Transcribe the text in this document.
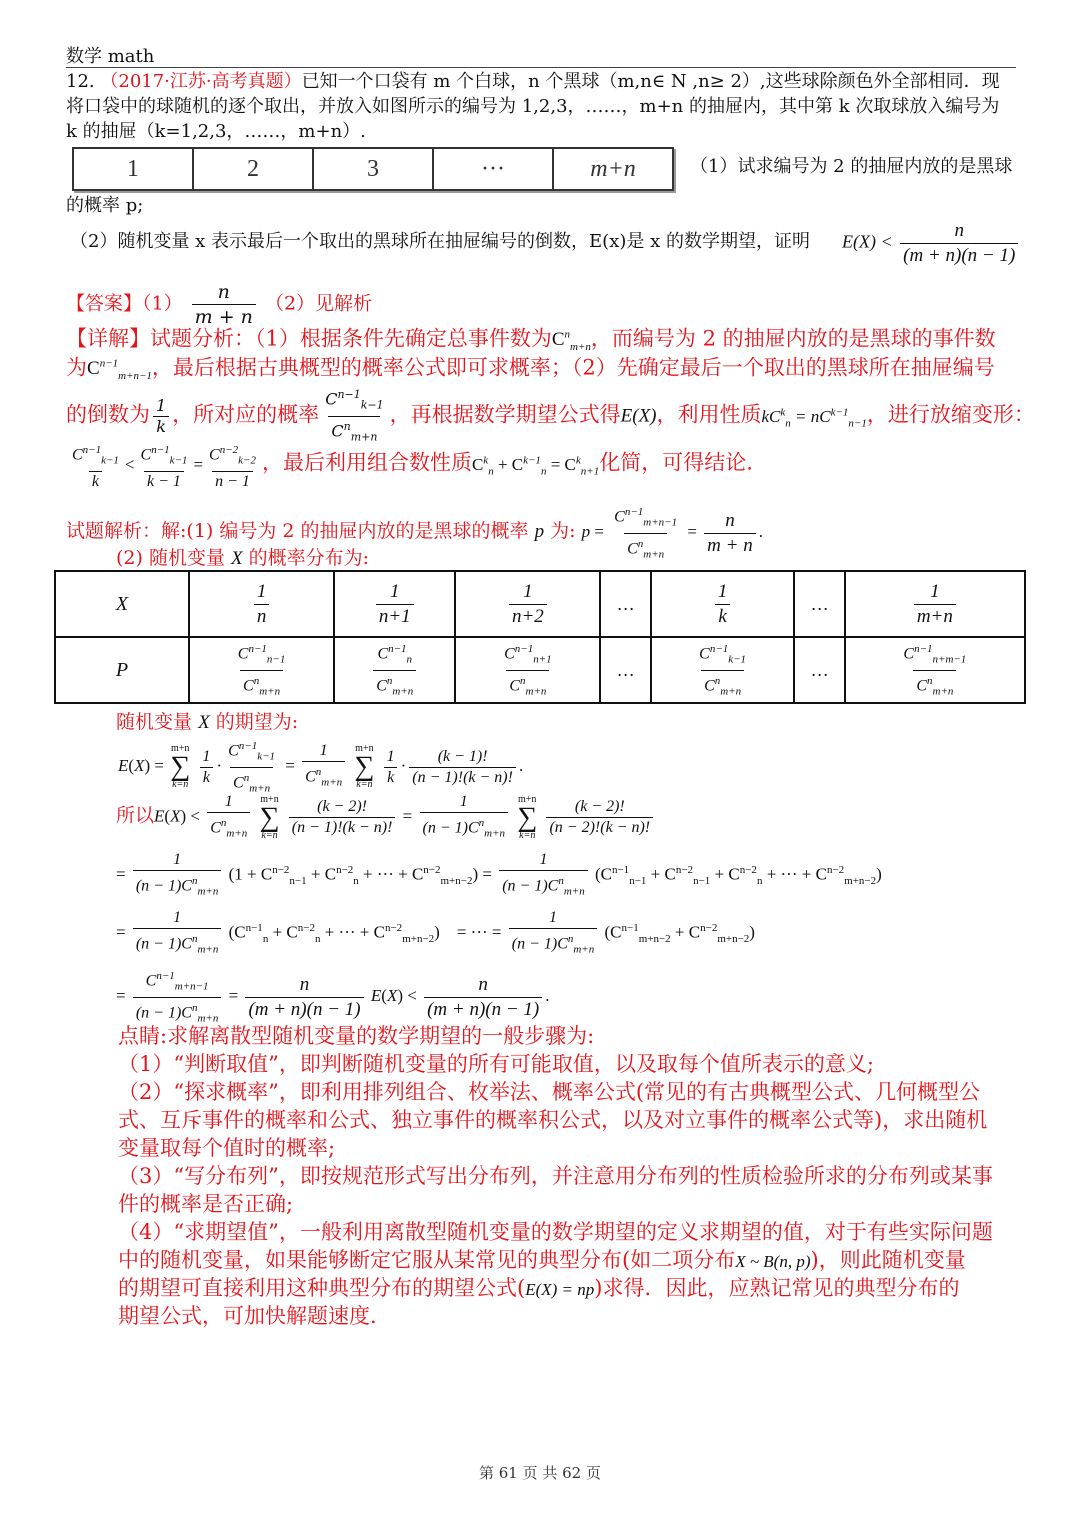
数学 math
12. （2017·江苏·高考真题）已知一个口袋有 m 个白球，n 个黑球（m,n∈ N ,n≥ 2）,这些球除颜色外全部相同．现
将口袋中的球随机的逐个取出，并放入如图所示的编号为 1,2,3，……，m+n 的抽屉内，其中第 k 次取球放入编号为
k 的抽屉（k=1,2,3，……，m+n）.
1	2	3	···	m+n	（1）试求编号为 2 的抽屉内放的是黑球
的概率 p;
（2）随机变量 x 表示最后一个取出的黑球所在抽屉编号的倒数，E(x)是 x 的数学期望，证明 $E(X) < \frac{n}{(m + n)(n - 1)}$
【答案】$(1) \frac{n}{m + n} (2)$见解析
【详解】试题分析：（1）根据条件先确定总事件数为$C^n_{m+n}$，而编号为 2 的抽屉内放的是黑球的事件数
为$C^{n-1}_{m+n-1}$，最后根据古典概型的概率公式即可求概率；（2）先确定最后一个取出的黑球所在抽屉编号
的倒数为 $\frac{1}{k}$ ，所对应的概率 $\frac{C^{n-1}_{k-1}}{C^n_{m+n}}$ ，再根据数学期望公式得E(X)，利用性质$kC^k_n = nC^{k-1}_{n-1}$，进行放缩变形：
$\frac{C^{n-1}_{k-1}}{k} < \frac{C^{n-1}_{k-1}}{k - 1} = \frac{C^{n-2}_{k-2}}{n - 1}$ ，最后利用组合数性质$C^k_n + C^{k-1}_n = C^k_{n+1}$化简，可得结论.
试题解析：解:(1) 编号为 2 的抽屉内放的是黑球的概率 p 为: $p = \frac{C^{n-1}_{m+n-1}}{C^n_{m+n}} = \frac{n}{m + n}$ .
(2) 随机变量 X 的概率分布为:
X	$\frac{1}{n}$	$\frac{1}{n+1}$	$\frac{1}{n+2}$	…	$\frac{1}{k}$	…	$\frac{1}{m+n}$

P	$\frac{C^{n-1}_{n-1}}{C^n_{m+n}}$	$\frac{C^{n-1}_n}{C^n_{m+n}}$	$\frac{C^{n-1}_{n+1}}{C^n_{m+n}}$	…	$\frac{C^{n-1}_{k-1}}{C^n_{m+n}}$	…	$\frac{C^{n-1}_{n+m-1}}{C^n_{m+n}}$
随机变量 X 的期望为:
E(X) =
m+n
∑
k=n
$\frac{1}{k} \cdot \frac{C^{n-1}_{k-1}}{C^n_{m+n}} = \frac{1}{C^n_{m+n}}$
m+n
∑
k=n
$\frac{1}{k} \cdot \frac{(k - 1)!}{(n - 1)!(k - n)!}$ .
所以$E(X) < \frac{1}{C^n_{m+n}}$
m+n
∑
k=n
$\frac{(k - 2)!}{(n - 1)!(k - n)!} = \frac{1}{(n - 1)C^n_{m+n}}$
m+n
∑
k=n
$\frac{(k - 2)!}{(n - 2)!(k - n)!}$
= $\frac{1}{(n - 1)C^n_{m+n}} (1 + C^{n-2}_{n-1} + C^{n-2}_n$ + ··· + $C^{n-2}_{m+n-2}) = \frac{1}{(n - 1)C^n_{m+n}} (C^{n-1}_{n-1} + C^{n-2}_{n-1} + C^{n-2}_n$ + ··· + $C^{n-2}_{m+n-2}$)
= $\frac{1}{(n - 1)C^n_{m+n}} (C^{n-1}_n + C^{n-2}_n$ + ··· + $C^{n-2}_{m+n-2}$)    = ··· = $\frac{1}{(n - 1)C^n_{m+n}} (C^{n-1}_{m+n-2} + C^{n-2}_{m+n-2})$
= $\frac{C^{n-1}_{m+n-1}}{(n - 1)C^n_{m+n}} = \frac{n}{(m + n)(n - 1)} E(X) < \frac{n}{(m + n)(n - 1)}$ .
点睛:求解离散型随机变量的数学期望的一般步骤为:
（1）“判断取值”，即判断随机变量的所有可能取值，以及取每个值所表示的意义;
（2）“探求概率”，即利用排列组合、枚举法、概率公式(常见的有古典概型公式、几何概型公
式、互斥事件的概率和公式、独立事件的概率积公式，以及对立事件的概率公式等)，求出随机
变量取每个值时的概率;
（3）“写分布列”，即按规范形式写出分布列，并注意用分布列的性质检验所求的分布列或某事
件的概率是否正确;
（4）“求期望值”，一般利用离散型随机变量的数学期望的定义求期望的值，对于有些实际问题
中的随机变量，如果能够断定它服从某常见的典型分布(如二项分布X ~ B(n, p))，则此随机变量
的期望可直接利用这种典型分布的期望公式(E(X) = np)求得．因此，应熟记常见的典型分布的
期望公式，可加快解题速度.
第 61 页 共 62 页
